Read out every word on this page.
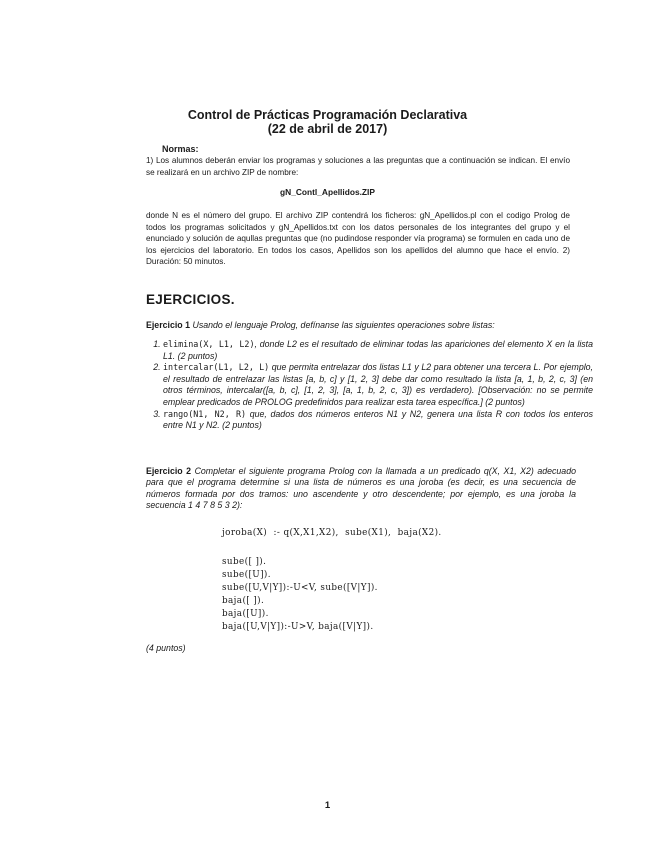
Control de Prácticas Programación Declarativa
(22 de abril de 2017)
Normas:
1) Los alumnos deberán enviar los programas y soluciones a las preguntas que a continuación se indican. El envío se realizará en un archivo ZIP de nombre:
gN_Contl_Apellidos.ZIP
donde N es el número del grupo. El archivo ZIP contendrá los ficheros: gN_Apellidos.pl con el codigo Prolog de todos los programas solicitados y gN_Apellidos.txt con los datos personales de los integrantes del grupo y el enunciado y solución de aqullas preguntas que (no pudindose responder vía programa) se formulen en cada uno de los ejercicios del laboratorio. En todos los casos, Apellidos son los apellidos del alumno que hace el envío. 2) Duración: 50 minutos.
EJERCICIOS.
Ejercicio 1 Usando el lenguaje Prolog, defínanse las siguientes operaciones sobre listas:
1. elimina(X, L1, L2), donde L2 es el resultado de eliminar todas las apariciones del elemento X en la lista L1. (2 puntos)
2. intercalar(L1, L2, L) que permita entrelazar dos listas L1 y L2 para obtener una tercera L. Por ejemplo, el resultado de entrelazar las listas [a, b, c] y [1, 2, 3] debe dar como resultado la lista [a, 1, b, 2, c, 3] (en otros términos, intercalar([a, b, c], [1, 2, 3], [a, 1, b, 2, c, 3]) es verdadero). [Observación: no se permite emplear predicados de PROLOG predefinidos para realizar esta tarea específica.] (2 puntos)
3. rango(N1, N2, R) que, dados dos números enteros N1 y N2, genera una lista R con todos los enteros entre N1 y N2. (2 puntos)
Ejercicio 2 Completar el siguiente programa Prolog con la llamada a un predicado q(X, X1, X2) adecuado para que el programa determine si una lista de números es una joroba (es decir, es una secuencia de números formada por dos tramos: uno ascendente y otro descendente; por ejemplo, es una joroba la secuencia 1 4 7 8 5 3 2):
joroba(X)  :- q(X,X1,X2),  sube(X1),  baja(X2).
sube([ ]).
sube([U]).
sube([U,V|Y]):-U<V, sube([V|Y]).
baja([ ]).
baja([U]).
baja([U,V|Y]):-U>V, baja([V|Y]).
(4 puntos)
1
